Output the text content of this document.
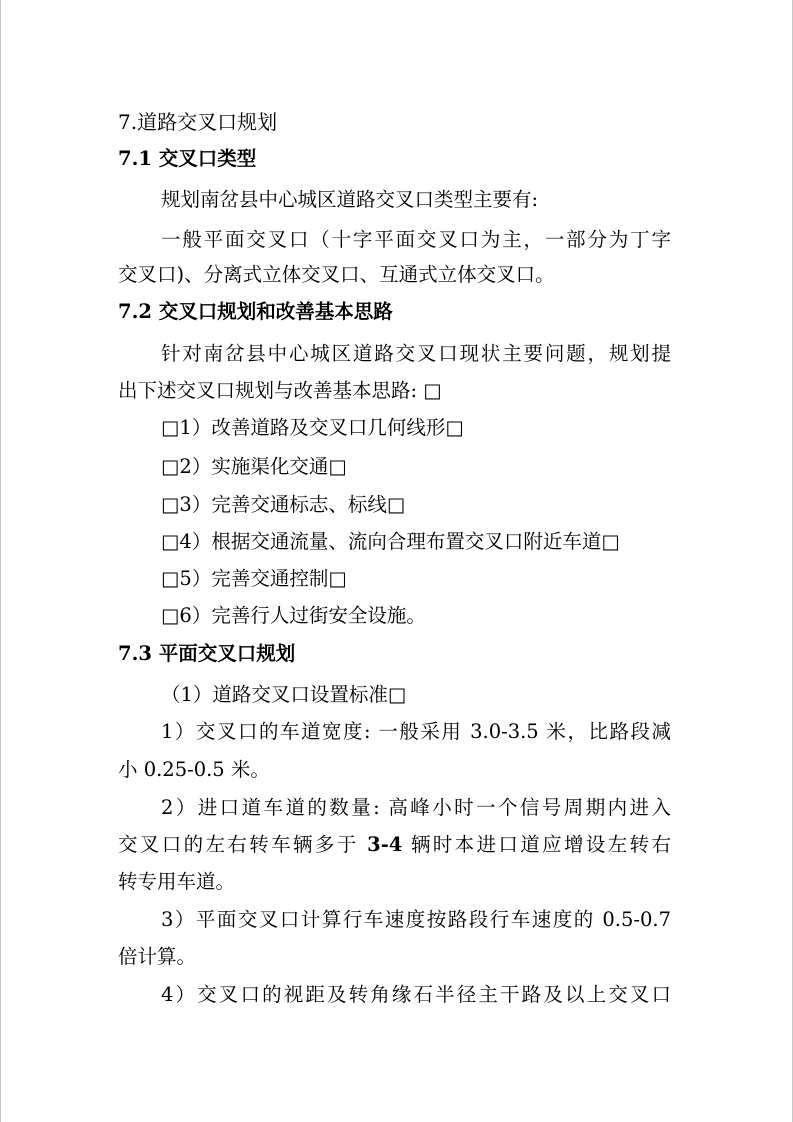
7.道路交叉口规划
7.1 交叉口类型
规划南岔县中心城区道路交叉口类型主要有:
一般平面交叉口（十字平面交叉口为主，一部分为丁字
交叉口)、分离式立体交叉口、互通式立体交叉口。
7.2 交叉口规划和改善基本思路
针对南岔县中心城区道路交叉口现状主要问题，规划提
出下述交叉口规划与改善基本思路: □
□1）改善道路及交叉口几何线形□
□2）实施渠化交通□
□3）完善交通标志、标线□
□4）根据交通流量、流向合理布置交叉口附近车道□
□5）完善交通控制□
□6）完善行人过街安全设施。
7.3 平面交叉口规划
（1）道路交叉口设置标准□
1）交叉口的车道宽度: 一般采用 3.0-3.5 米，比路段减
小 0.25-0.5 米。
2）进口道车道的数量: 高峰小时一个信号周期内进入
交叉口的左右转车辆多于 3-4 辆时本进口道应增设左转右
转专用车道。
3）平面交叉口计算行车速度按路段行车速度的 0.5-0.7
倍计算。
4）交叉口的视距及转角缘石半径主干路及以上交叉口
